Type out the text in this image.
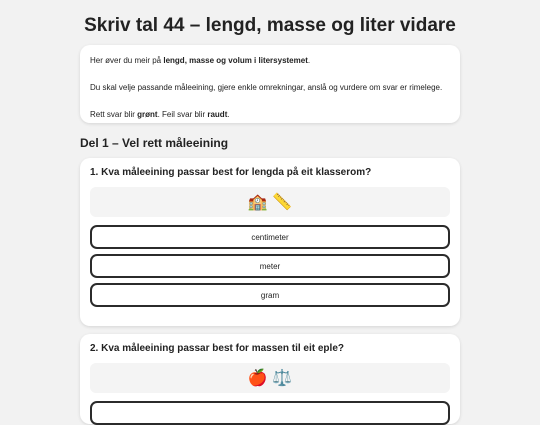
Skriv tal 44 – lengd, masse og liter vidare

Her øver du meir på lengd, masse og volum i litersystemet.

Du skal velje passande måleeining, gjere enkle omrekningar, anslå og vurdere om svar er rimelege.

Rett svar blir grønt. Feil svar blir raudt.

Del 1 – Vel rett måleeining

1. Kva måleeining passar best for lengda på eit klasserom?

🏫 📏
centimeter
meter
gram

2. Kva måleeining passar best for massen til eit eple?

🍎 ⚖️
